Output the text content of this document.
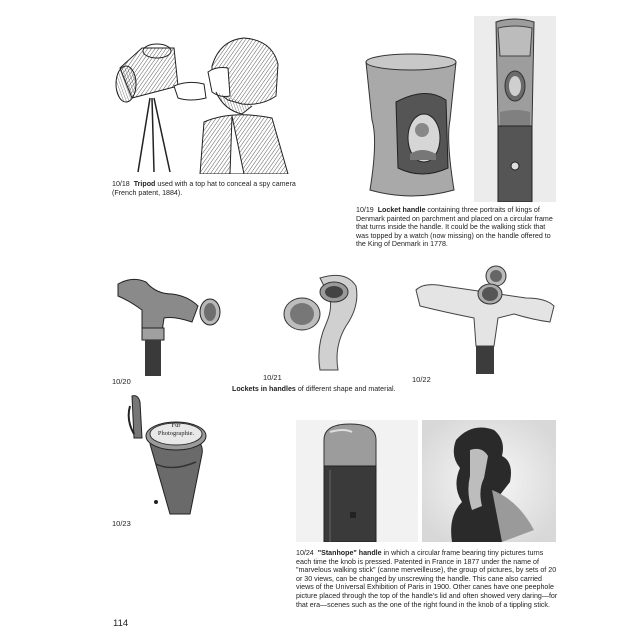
10/18 Tripod used with a top hat to conceal a spy camera (French patent, 1884).
10/19 Locket handle containing three portraits of kings of Denmark painted on parchment and placed on a circular frame that turns inside the handle. It could be the walking stick that was topped by a watch (now missing) on the handle offered to the King of Denmark in 1778.
10/20	10/21	10/22
Lockets in handles of different shape and material.
Für
Photographie.
10/23
10/24 "Stanhope" handle in which a circular frame bearing tiny pictures turns each time the knob is pressed. Patented in France in 1877 under the name of "marvelous walking stick" (canne merveilleuse), the group of pictures, by sets of 20 or 30 views, can be changed by unscrewing the handle. This cane also carried views of the Universal Exhibition of Paris in 1900. Other canes have one peephole picture placed through the top of the handle's lid and often showed very daring—for that era—scenes such as the one of the right found in the knob of a tippling stick.
114
